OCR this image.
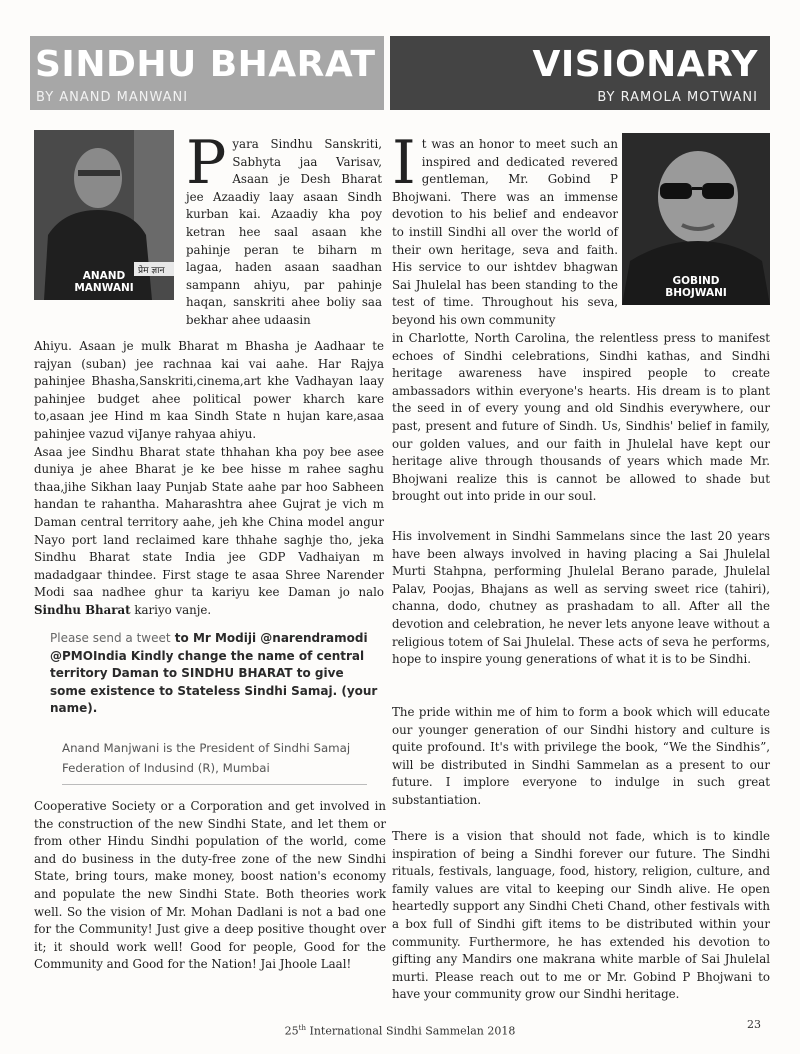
SINDHU BHARAT
BY ANAND MANWANI
VISIONARY
BY RAMOLA MOTWANI
प्रेम ज्ञान
ANAND
MANWANI
GOBIND
BHOJWANI
Pyara Sindhu Sanskriti, Sabhyta jaa Varisav, Asaan je Desh Bharat jee Azaadiy laay asaan Sindh kurban kai. Azaadiy kha poy ketran hee saal asaan khe pahinje peran te biharn m lagaa, haden asaan saadhan sampann ahiyu, par pahinje haqan, sanskriti ahee boliy saa bekhar ahee udaasin

Ahiyu. Asaan je mulk Bharat m Bhasha je Aadhaar te rajyan (suban) jee rachnaa kai vai aahe. Har Rajya pahinjee Bhasha,Sanskriti,cinema,art khe Vadhayan laay pahinjee budget ahee political power kharch kare to,asaan jee Hind m kaa Sindh State n hujan kare,asaa pahinjee vazud viJanye rahyaa ahiyu.

Asaa jee Sindhu Bharat state thhahan kha poy bee asee duniya je ahee Bharat je ke bee hisse m rahee saghu thaa,jihe Sikhan laay Punjab State aahe par hoo Sabheen handan te rahantha. Maharashtra ahee Gujrat je vich m Daman central territory aahe, jeh khe China model angur Nayo port land reclaimed kare thhahe saghje tho, jeka Sindhu Bharat state India jee GDP Vadhaiyan m madadgaar thindee. First stage te asaa Shree Narender Modi saa nadhee ghur ta kariyu kee Daman jo nalo Sindhu Bharat kariyo vanje.

Please send a tweet to Mr Modiji @narendramodi @PMOIndia Kindly change the name of central territory Daman to SINDHU BHARAT to give some existence to Stateless Sindhi Samaj. (your name).
Anand Manjwani is the President of Sindhi Samaj Federation of Indusind (R), Mumbai

Cooperative Society or a Corporation and get involved in the construction of the new Sindhi State, and let them or from other Hindu Sindhi population of the world, come and do business in the duty-free zone of the new Sindhi State, bring tours, make money, boost nation's economy and populate the new Sindhi State. Both theories work well. So the vision of Mr. Mohan Dadlani is not a bad one for the Community! Just give a deep positive thought over it; it should work well! Good for people, Good for the Community and Good for the Nation! Jai Jhoole Laal!

It was an honor to meet such an inspired and dedicated revered gentleman, Mr. Gobind P Bhojwani. There was an immense devotion to his belief and endeavor to instill Sindhi all over the world of their own heritage, seva and faith. His service to our ishtdev bhagwan Sai Jhulelal has been standing to the test of time. Throughout his seva, beyond his own community
in Charlotte, North Carolina, the relentless press to manifest echoes of Sindhi celebrations, Sindhi kathas, and Sindhi heritage awareness have inspired people to create ambassadors within everyone's hearts. His dream is to plant the seed in of every young and old Sindhis everywhere, our past, present and future of Sindh. Us, Sindhis' belief in family, our golden values, and our faith in Jhulelal have kept our heritage alive through thousands of years which made Mr. Bhojwani realize this is cannot be allowed to shade but brought out into pride in our soul.
His involvement in Sindhi Sammelans since the last 20 years have been always involved in having placing a Sai Jhulelal Murti Stahpna, performing Jhulelal Berano parade, Jhulelal Palav, Poojas, Bhajans as well as serving sweet rice (tahiri), channa, dodo, chutney as prashadam to all. After all the devotion and celebration, he never lets anyone leave without a religious totem of Sai Jhulelal. These acts of seva he performs, hope to inspire young generations of what it is to be Sindhi.
The pride within me of him to form a book which will educate our younger generation of our Sindhi history and culture is quite profound. It's with privilege the book, “We the Sindhis”, will be distributed in Sindhi Sammelan as a present to our future. I implore everyone to indulge in such great substantiation.
There is a vision that should not fade, which is to kindle inspiration of being a Sindhi forever our future. The Sindhi rituals, festivals, language, food, history, religion, culture, and family values are vital to keeping our Sindh alive. He open heartedly support any Sindhi Cheti Chand, other festivals with a box full of Sindhi gift items to be distributed within your community. Furthermore, he has extended his devotion to gifting any Mandirs one makrana white marble of Sai Jhulelal murti. Please reach out to me or Mr. Gobind P Bhojwani to have your community grow our Sindhi heritage.
25th International Sindhi Sammelan 2018
23
